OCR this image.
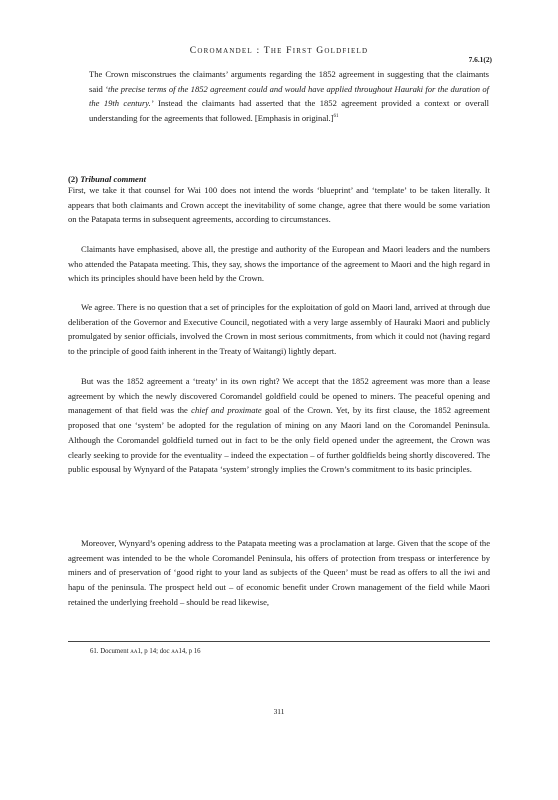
Coromandel : The First Goldfield
7.6.1(2)

The Crown misconstrues the claimants’ arguments regarding the 1852 agreement in suggesting that the claimants said ‘the precise terms of the 1852 agreement could and would have applied throughout Hauraki for the duration of the 19th century.’ Instead the claimants had asserted that the 1852 agreement provided a context or overall understanding for the agreements that followed. [Emphasis in original.]$^{61}$

(2) Tribunal comment

First, we take it that counsel for Wai 100 does not intend the words ‘blueprint’ and ‘template’ to be taken literally. It appears that both claimants and Crown accept the inevitability of some change, agree that there would be some variation on the Patapata terms in subsequent agreements, according to circumstances.

Claimants have emphasised, above all, the prestige and authority of the European and Maori leaders and the numbers who attended the Patapata meeting. This, they say, shows the importance of the agreement to Maori and the high regard in which its principles should have been held by the Crown.

We agree. There is no question that a set of principles for the exploitation of gold on Maori land, arrived at through due deliberation of the Governor and Executive Council, negotiated with a very large assembly of Hauraki Maori and publicly promulgated by senior officials, involved the Crown in most serious commitments, from which it could not (having regard to the principle of good faith inherent in the Treaty of Waitangi) lightly depart.

But was the 1852 agreement a ‘treaty’ in its own right? We accept that the 1852 agreement was more than a lease agreement by which the newly discovered Coromandel goldfield could be opened to miners. The peaceful opening and management of that field was the chief and proximate goal of the Crown. Yet, by its first clause, the 1852 agreement proposed that one ‘system’ be adopted for the regulation of mining on any Maori land on the Coromandel Peninsula. Although the Coromandel goldfield turned out in fact to be the only field opened under the agreement, the Crown was clearly seeking to provide for the eventuality – indeed the expectation – of further goldfields being shortly discovered. The public espousal by Wynyard of the Patapata ‘system’ strongly implies the Crown’s commitment to its basic principles.

Moreover, Wynyard’s opening address to the Patapata meeting was a proclamation at large. Given that the scope of the agreement was intended to be the whole Coromandel Peninsula, his offers of protection from trespass or interference by miners and of preservation of ‘good right to your land as subjects of the Queen’ must be read as offers to all the iwi and hapu of the peninsula. The prospect held out – of economic benefit under Crown management of the field while Maori retained the underlying freehold – should be read likewise,

61. Document aa1, p 14; doc aa14, p 16
311
